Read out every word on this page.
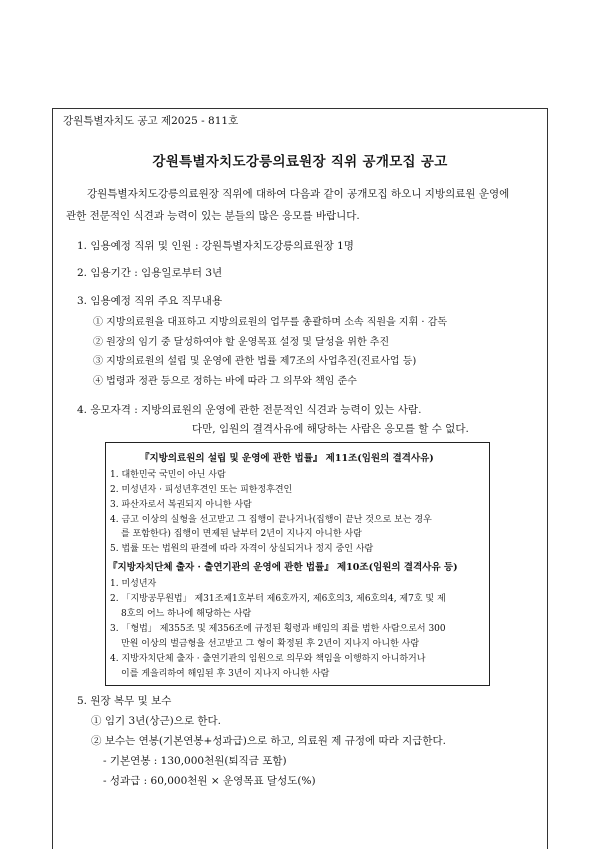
강원특별자치도 공고 제2025 - 811호
강원특별자치도강릉의료원장 직위 공개모집 공고
강원특별자치도강릉의료원장 직위에 대하여 다음과 같이 공개모집 하오니 지방의료원 운영에
관한 전문적인 식견과 능력이 있는 분들의 많은 응모를 바랍니다.
1. 임용예정 직위 및 인원 : 강원특별자치도강릉의료원장 1명
2. 임용기간 : 임용일로부터 3년
3. 임용예정 직위 주요 직무내용
① 지방의료원을 대표하고 지방의료원의 업무를 총괄하며 소속 직원을 지휘 · 감독
② 원장의 임기 중 달성하여야 할 운영목표 설정 및 달성을 위한 추진
③ 지방의료원의 설립 및 운영에 관한 법률 제7조의 사업추진(진료사업 등)
④ 법령과 정관 등으로 정하는 바에 따라 그 의무와 책임 준수
4. 응모자격 : 지방의료원의 운영에 관한 전문적인 식견과 능력이 있는 사람.
다만, 임원의 결격사유에 해당하는 사람은 응모를 할 수 없다.
『지방의료원의 설립 및 운영에 관한 법률』 제11조(임원의 결격사유)
1. 대한민국 국민이 아닌 사람
2. 미성년자 · 피성년후견인 또는 피한정후견인
3. 파산자로서 복권되지 아니한 사람
4. 금고 이상의 실형을 선고받고 그 집행이 끝나거나(집행이 끝난 것으로 보는 경우
를 포함한다) 집행이 면제된 날부터 2년이 지나지 아니한 사람
5. 법률 또는 법원의 판결에 따라 자격이 상실되거나 정지 중인 사람
『지방자치단체 출자 · 출연기관의 운영에 관한 법률』 제10조(임원의 결격사유 등)
1. 미성년자
2. 「지방공무원법」 제31조제1호부터 제6호까지, 제6호의3, 제6호의4, 제7호 및 제
8호의 어느 하나에 해당하는 사람
3. 「형법」 제355조 및 제356조에 규정된 횡령과 배임의 죄를 범한 사람으로서 300
만원 이상의 벌금형을 선고받고 그 형이 확정된 후 2년이 지나지 아니한 사람
4. 지방자치단체 출자 · 출연기관의 임원으로 의무와 책임을 이행하지 아니하거나
이를 게을리하여 해임된 후 3년이 지나지 아니한 사람
5. 원장 복무 및 보수
① 임기 3년(상근)으로 한다.
② 보수는 연봉(기본연봉+성과급)으로 하고, 의료원 제 규정에 따라 지급한다.
- 기본연봉 : 130,000천원(퇴직금 포함)
- 성과급 : 60,000천원 × 운영목표 달성도(%)
